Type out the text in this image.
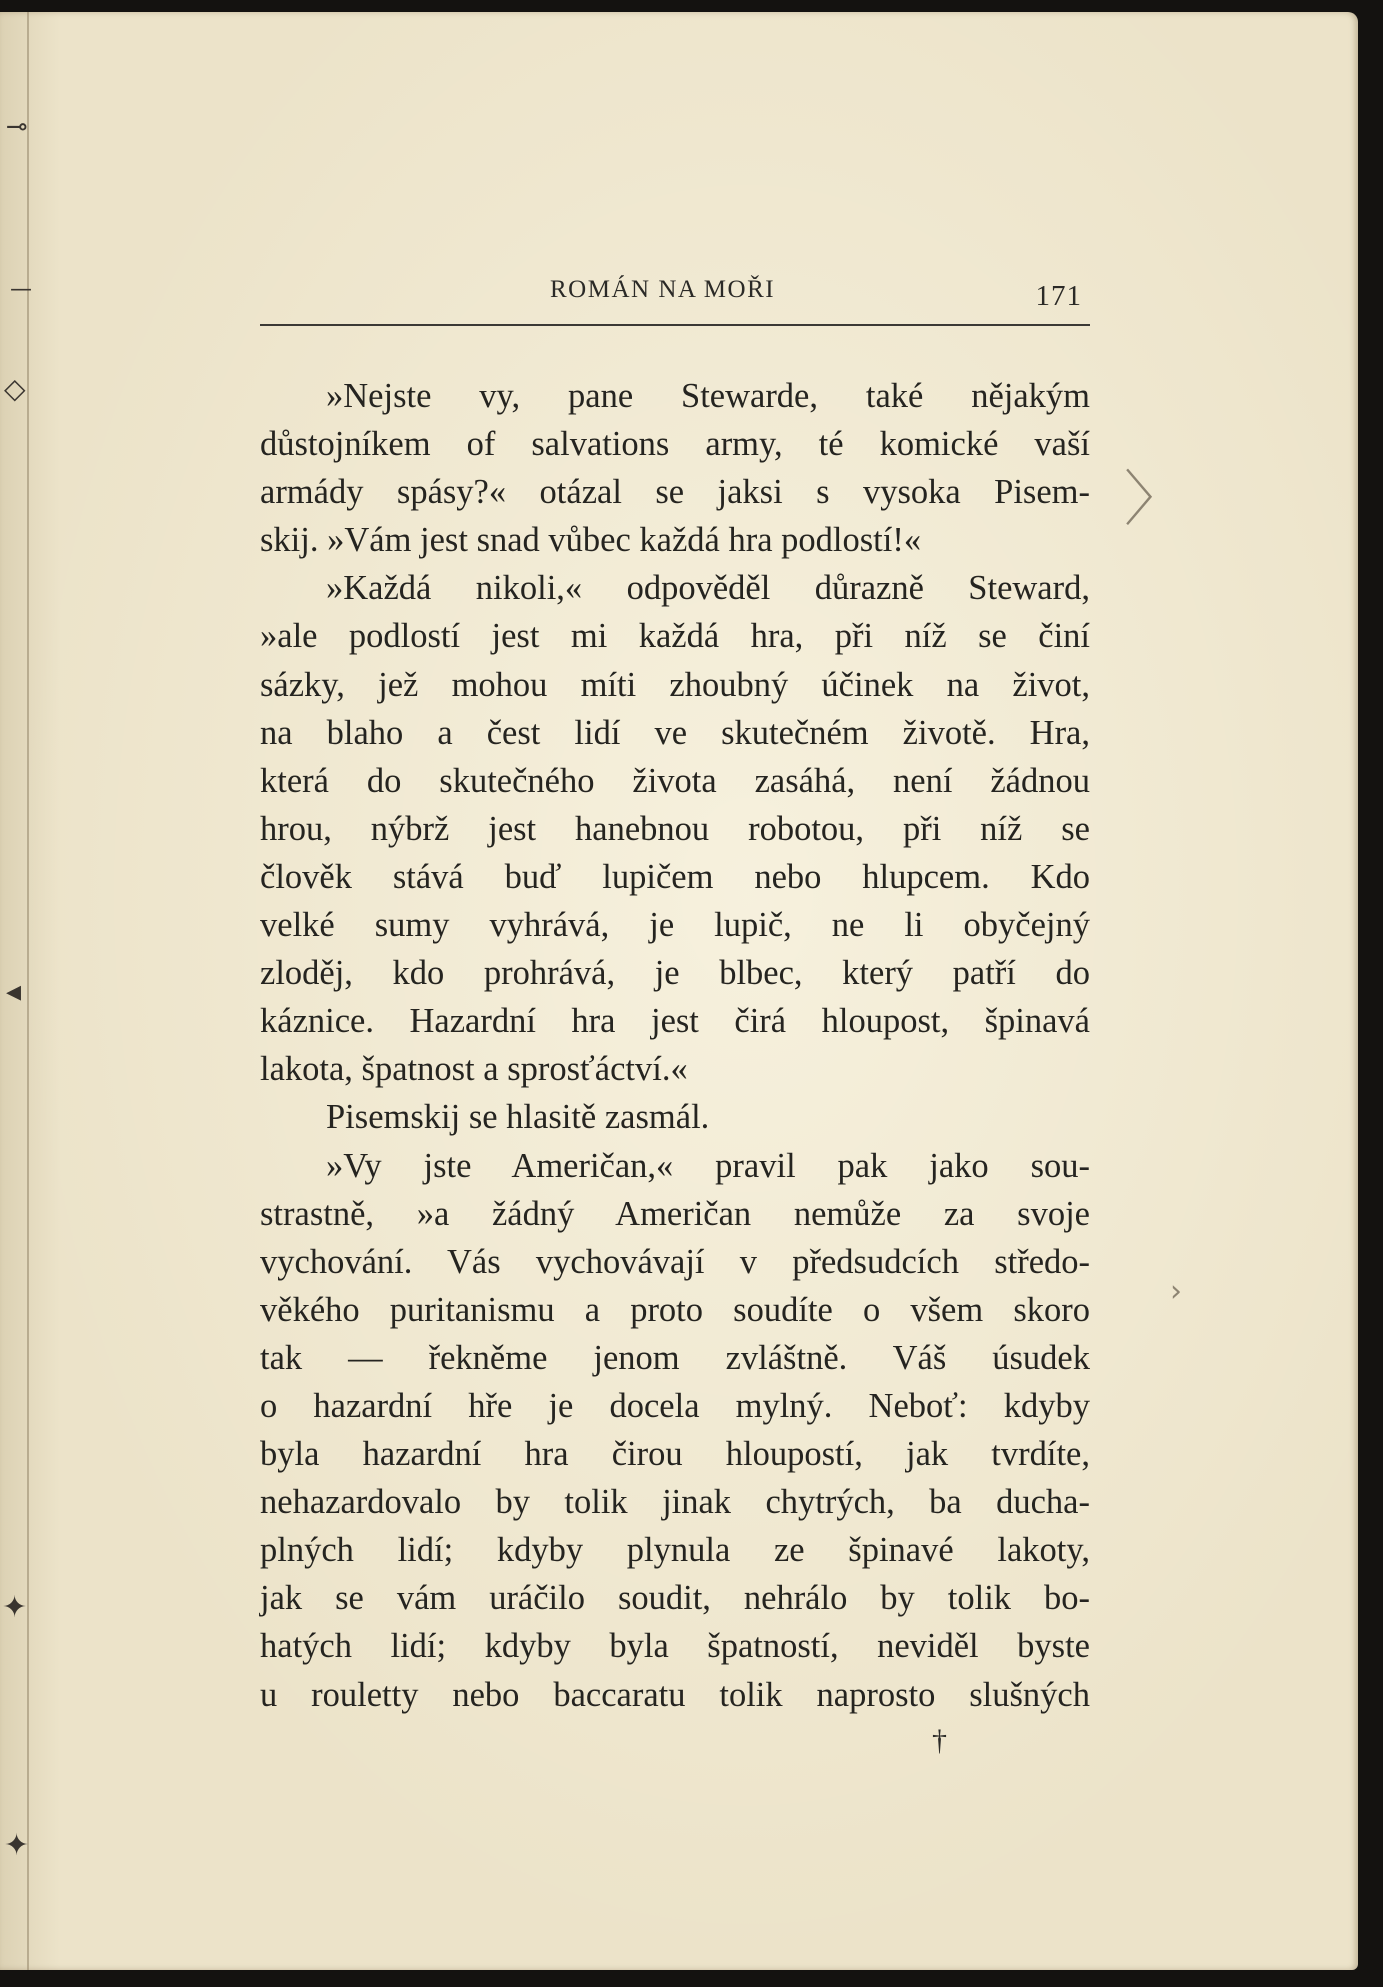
⊸
—
◇
◂
✦
✦
〉
›
ROMÁN NA MOŘI	171
»Nejste vy, pane Stewarde, také nějakým
důstojníkem of salvations army, té komické vaší
armády spásy?« otázal se jaksi s vysoka Pisem-
skij. »Vám jest snad vůbec každá hra podlostí!«
»Každá nikoli,« odpověděl důrazně Steward,
»ale podlostí jest mi každá hra, při níž se činí
sázky, jež mohou míti zhoubný účinek na život,
na blaho a čest lidí ve skutečném životě. Hra,
která do skutečného života zasáhá, není žádnou
hrou, nýbrž jest hanebnou robotou, při níž se
člověk stává buď lupičem nebo hlupcem. Kdo
velké sumy vyhrává, je lupič, ne li obyčejný
zloděj, kdo prohrává, je blbec, který patří do
káznice. Hazardní hra jest čirá hloupost, špinavá
lakota, špatnost a sprosťáctví.«
Pisemskij se hlasitě zasmál.
»Vy jste Američan,« pravil pak jako sou-
strastně, »a žádný Američan nemůže za svoje
vychování. Vás vychovávají v předsudcích středo-
věkého puritanismu a proto soudíte o všem skoro
tak — řekněme jenom zvláštně. Váš úsudek
o hazardní hře je docela mylný. Neboť: kdyby
byla hazardní hra čirou hloupostí, jak tvrdíte,
nehazardovalo by tolik jinak chytrých, ba ducha-
plných lidí; kdyby plynula ze špinavé lakoty,
jak se vám uráčilo soudit, nehrálo by tolik bo-
hatých lidí; kdyby byla špatností, neviděl byste
u rouletty nebo baccaratu tolik naprosto slušných
†
